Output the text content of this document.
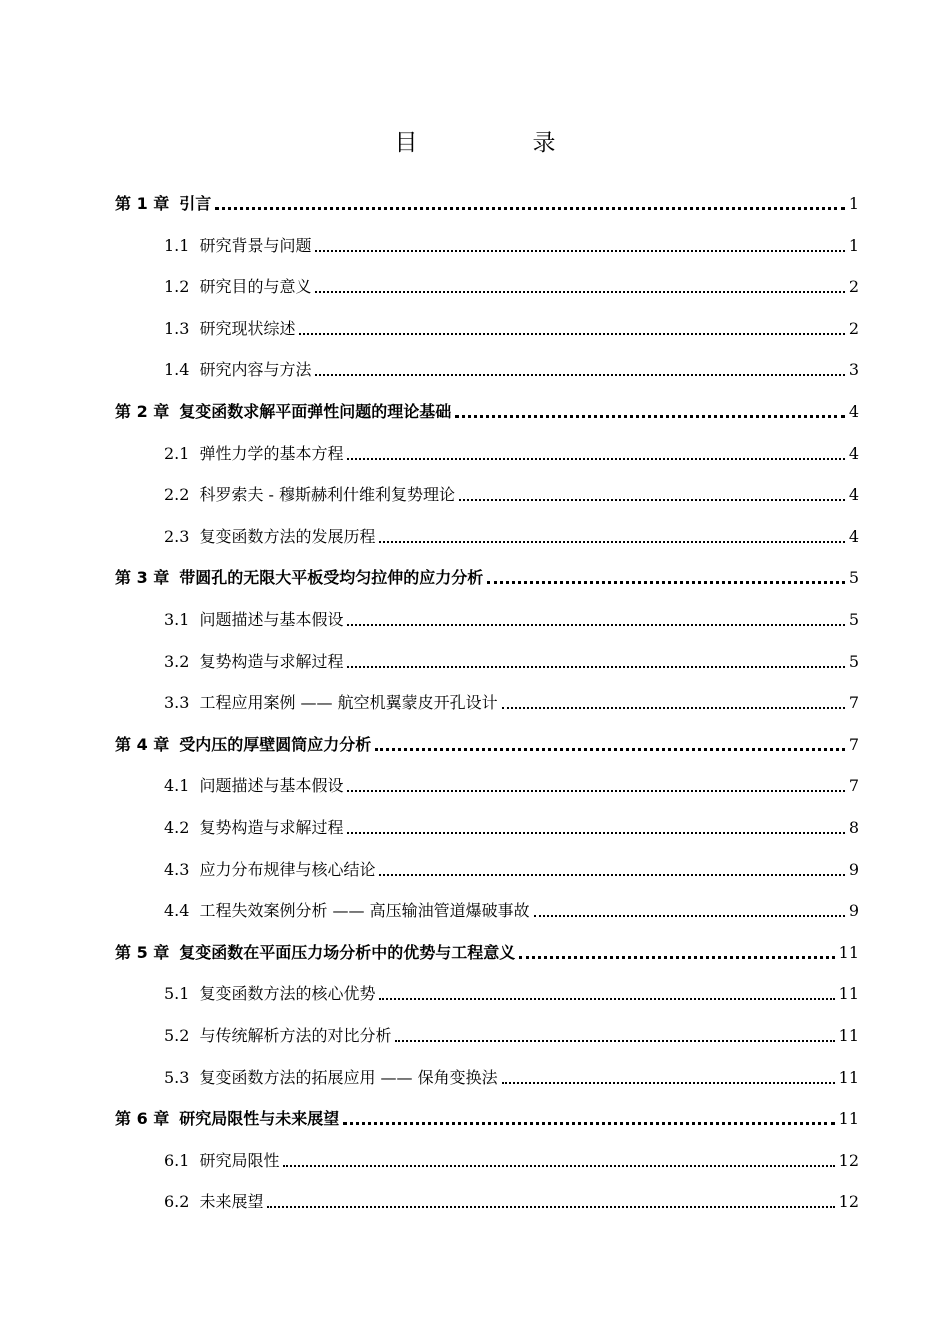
目　录
第 1 章 引言	1
1.1 研究背景与问题	1
1.2 研究目的与意义	2
1.3 研究现状综述	2
1.4 研究内容与方法	3
第 2 章 复变函数求解平面弹性问题的理论基础	4
2.1 弹性力学的基本方程	4
2.2 科罗索夫 - 穆斯赫利什维利复势理论	4
2.3 复变函数方法的发展历程	4
第 3 章 带圆孔的无限大平板受均匀拉伸的应力分析	5
3.1 问题描述与基本假设	5
3.2 复势构造与求解过程	5
3.3 工程应用案例 —— 航空机翼蒙皮开孔设计	7
第 4 章 受内压的厚壁圆筒应力分析	7
4.1 问题描述与基本假设	7
4.2 复势构造与求解过程	8
4.3 应力分布规律与核心结论	9
4.4 工程失效案例分析 —— 高压输油管道爆破事故	9
第 5 章 复变函数在平面压力场分析中的优势与工程意义	11
5.1 复变函数方法的核心优势	11
5.2 与传统解析方法的对比分析	11
5.3 复变函数方法的拓展应用 —— 保角变换法	11
第 6 章 研究局限性与未来展望	11
6.1 研究局限性	12
6.2 未来展望	12
